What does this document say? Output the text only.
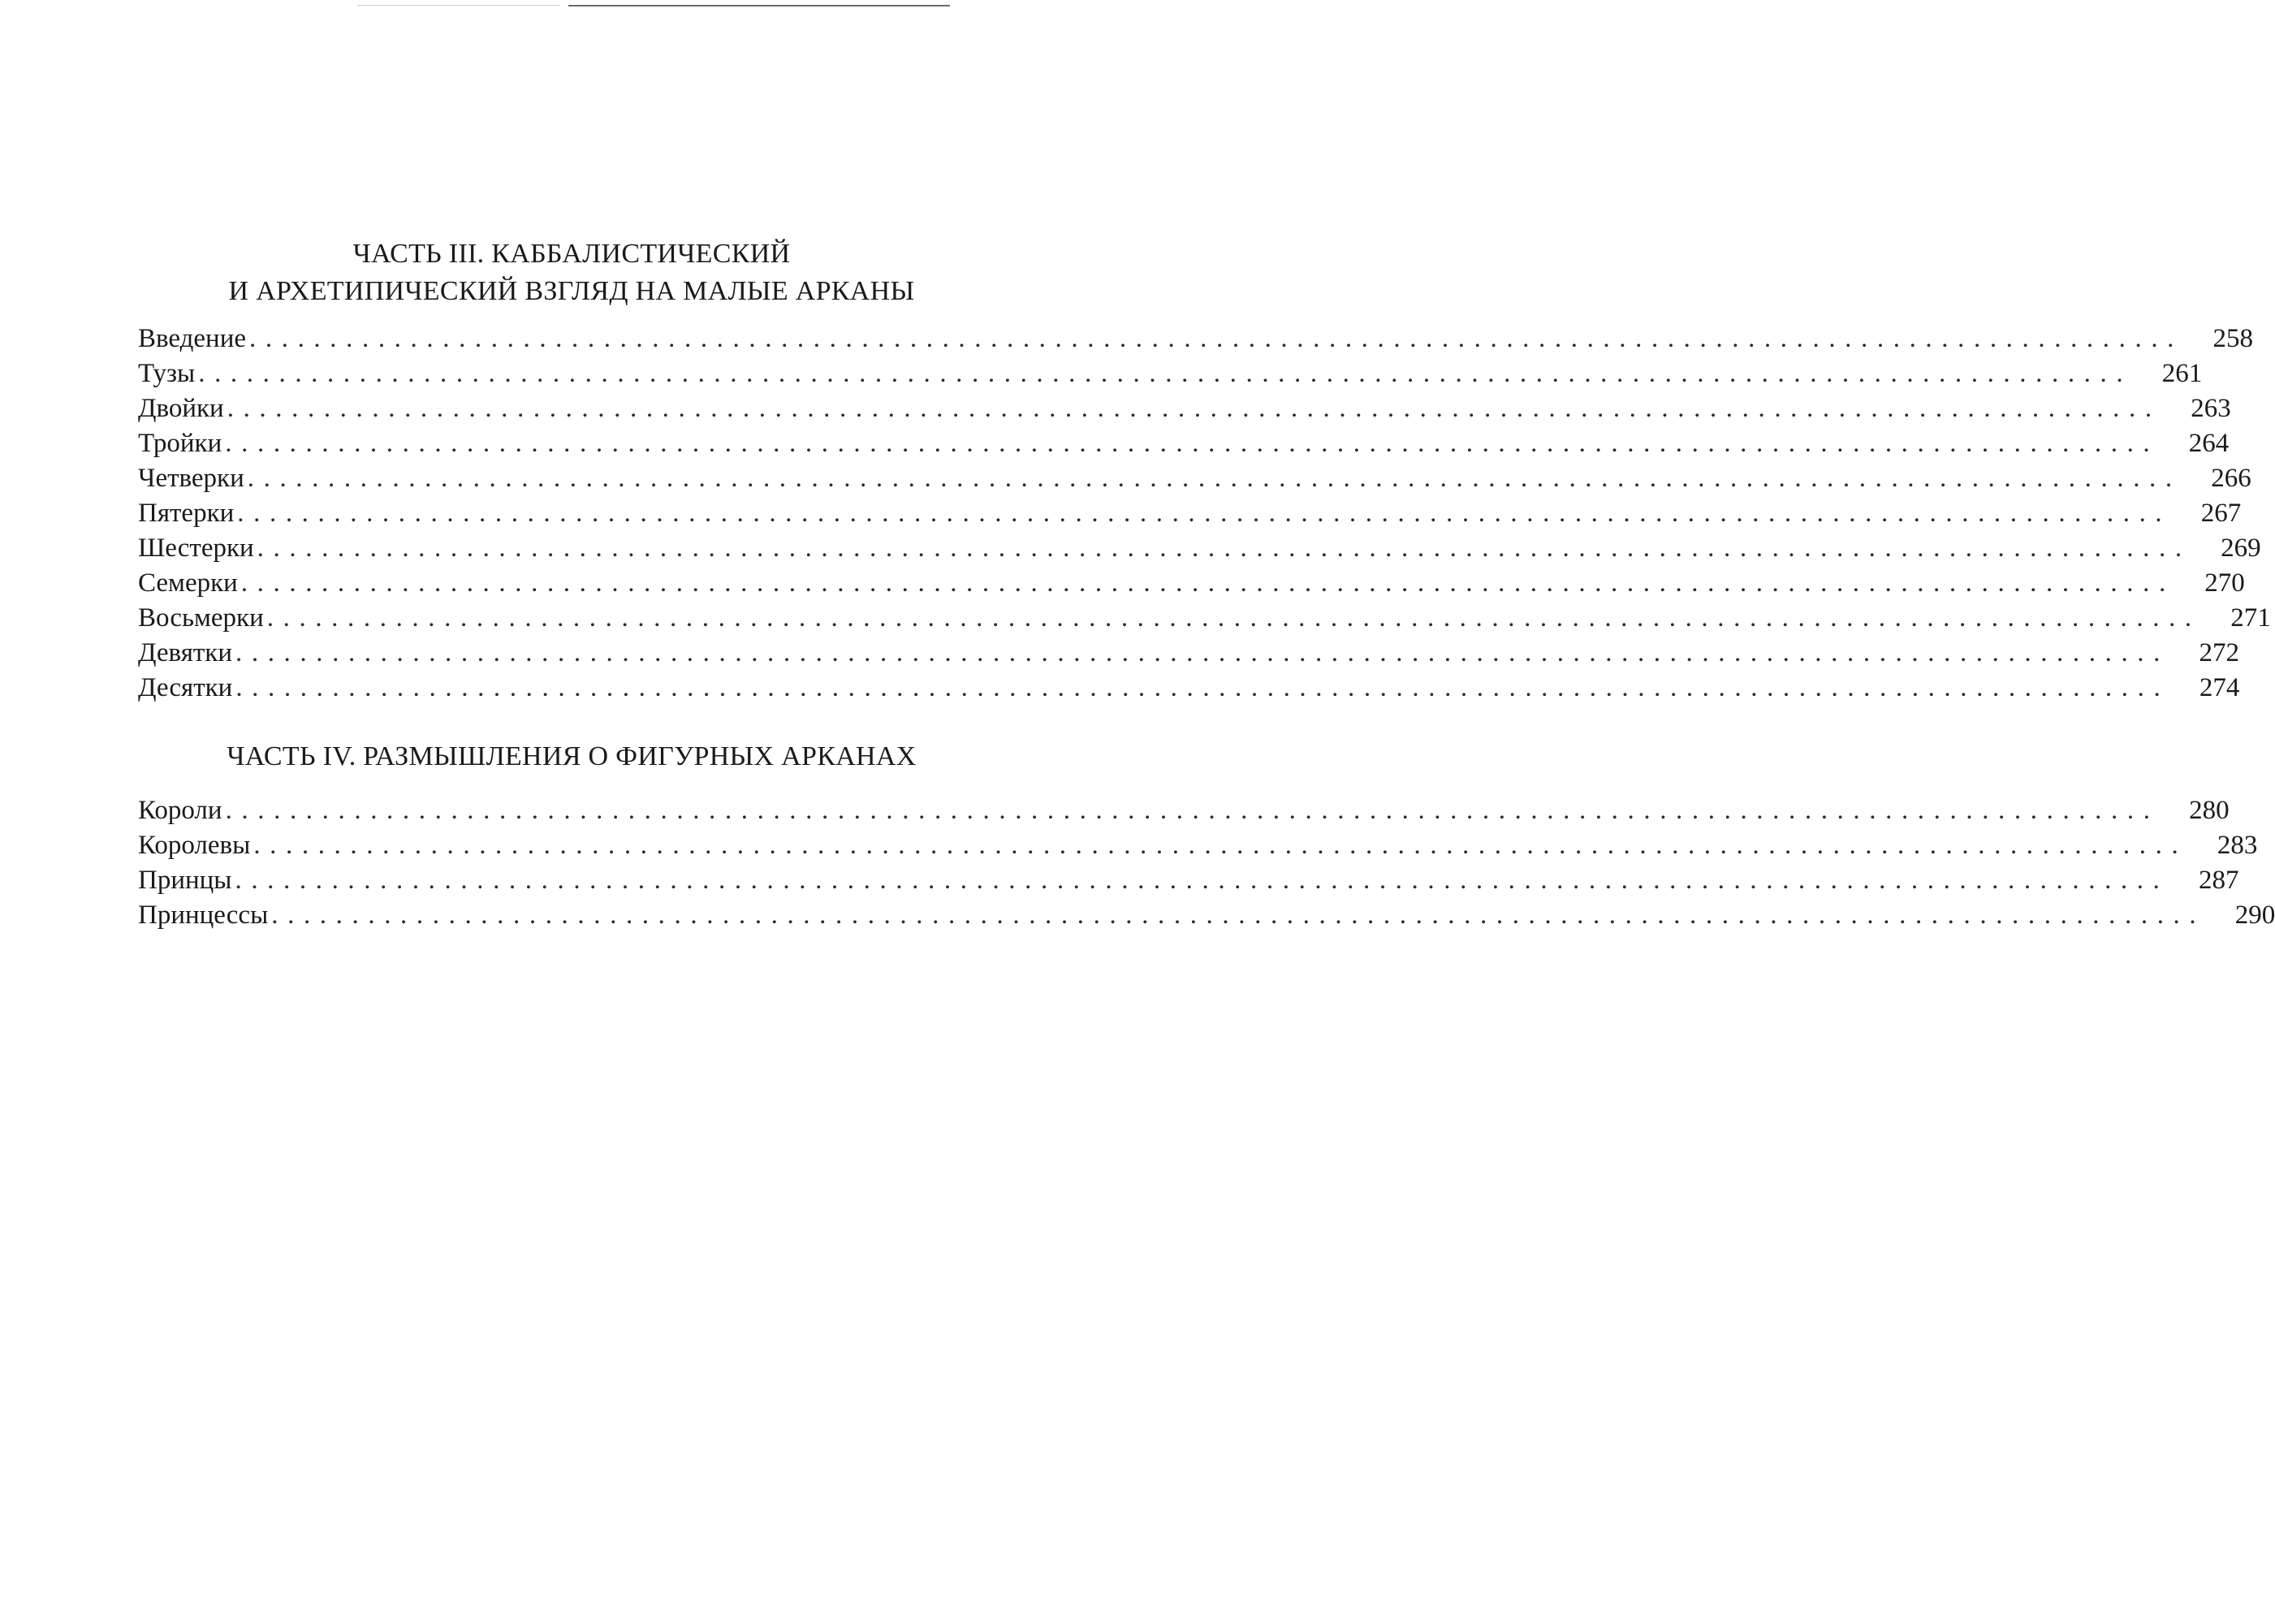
ЧАСТЬ III. КАББАЛИСТИЧЕСКИЙ
И АРХЕТИПИЧЕСКИЙ ВЗГЛЯД НА МАЛЫЕ АРКАНЫ
Введение ........................................................................................................................	258
Тузы ........................................................................................................................	261
Двойки ........................................................................................................................	263
Тройки ........................................................................................................................	264
Четверки ........................................................................................................................	266
Пятерки ........................................................................................................................	267
Шестерки ........................................................................................................................	269
Семерки ........................................................................................................................	270
Восьмерки ........................................................................................................................	271
Девятки ........................................................................................................................	272
Десятки ........................................................................................................................	274
ЧАСТЬ IV. РАЗМЫШЛЕНИЯ О ФИГУРНЫХ АРКАНАХ
Короли ........................................................................................................................	280
Королевы ........................................................................................................................	283
Принцы ........................................................................................................................	287
Принцессы ........................................................................................................................	290
